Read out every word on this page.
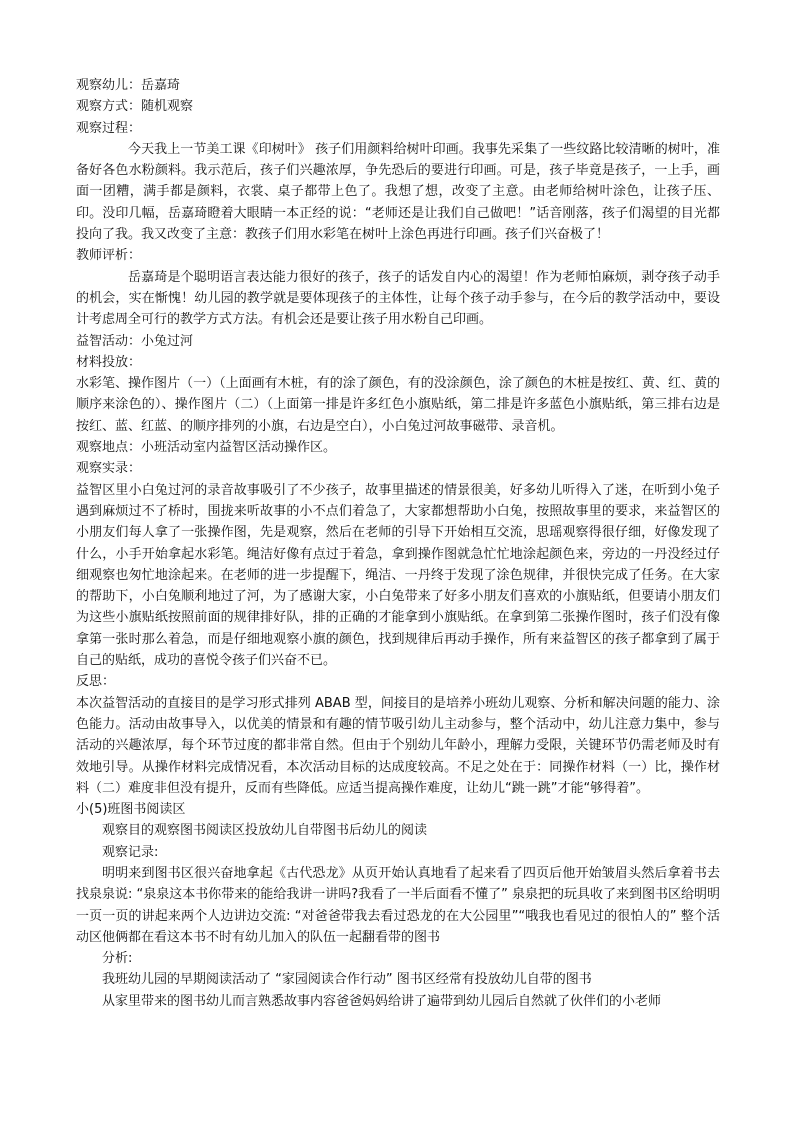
观察幼儿：岳嘉琦

观察方式：随机观察

观察过程：

今天我上一节美工课《印树叶》 孩子们用颜料给树叶印画。我事先采集了一些纹路比较清晰的树叶，准备好各色水粉颜料。我示范后，孩子们兴趣浓厚，争先恐后的要进行印画。可是，孩子毕竟是孩子，一上手，画面一团糟，满手都是颜料，衣裳、桌子都带上色了。我想了想，改变了主意。由老师给树叶涂色，让孩子压、印。没印几幅，岳嘉琦瞪着大眼睛一本正经的说：“老师还是让我们自己做吧！”话音刚落，孩子们渴望的目光都投向了我。我又改变了主意：教孩子们用水彩笔在树叶上涂色再进行印画。孩子们兴奋极了！

教师评析：

岳嘉琦是个聪明语言表达能力很好的孩子，孩子的话发自内心的渴望！作为老师怕麻烦，剥夺孩子动手的机会，实在惭愧！幼儿园的教学就是要体现孩子的主体性，让每个孩子动手参与，在今后的教学活动中，要设计考虑周全可行的教学方式方法。有机会还是要让孩子用水粉自己印画。

益智活动：小兔过河

材料投放：

水彩笔、操作图片（一）（上面画有木桩，有的涂了颜色，有的没涂颜色，涂了颜色的木桩是按红、黄、红、黄的顺序来涂色的）、操作图片（二）（上面第一排是许多红色小旗贴纸，第二排是许多蓝色小旗贴纸，第三排右边是按红、蓝、红蓝、的顺序排列的小旗，右边是空白），小白兔过河故事磁带、录音机。

观察地点：小班活动室内益智区活动操作区。

观察实录：

益智区里小白兔过河的录音故事吸引了不少孩子，故事里描述的情景很美，好多幼儿听得入了迷，在听到小兔子遇到麻烦过不了桥时，围拢来听故事的小不点们着急了，大家都想帮助小白兔，按照故事里的要求，来益智区的小朋友们每人拿了一张操作图，先是观察，然后在老师的引导下开始相互交流，思瑶观察得很仔细，好像发现了什么，小手开始拿起水彩笔。绳洁好像有点过于着急，拿到操作图就急忙忙地涂起颜色来，旁边的一丹没经过仔细观察也匆忙地涂起来。在老师的进一步提醒下，绳洁、一丹终于发现了涂色规律，并很快完成了任务。在大家的帮助下，小白兔顺利地过了河，为了感谢大家，小白兔带来了好多小朋友们喜欢的小旗贴纸，但要请小朋友们为这些小旗贴纸按照前面的规律排好队，排的正确的才能拿到小旗贴纸。在拿到第二张操作图时，孩子们没有像拿第一张时那么着急，而是仔细地观察小旗的颜色，找到规律后再动手操作，所有来益智区的孩子都拿到了属于自己的贴纸，成功的喜悦令孩子们兴奋不已。

反思：

本次益智活动的直接目的是学习形式排列 ABAB 型，间接目的是培养小班幼儿观察、分析和解决问题的能力、涂色能力。活动由故事导入，以优美的情景和有趣的情节吸引幼儿主动参与，整个活动中，幼儿注意力集中，参与活动的兴趣浓厚，每个环节过度的都非常自然。但由于个别幼儿年龄小，理解力受限，关键环节仍需老师及时有效地引导。从操作材料完成情况看，本次活动目标的达成度较高。不足之处在于：同操作材料（一）比，操作材料（二）难度非但没有提升，反而有些降低。应适当提高操作难度，让幼儿“跳一跳”才能“够得着”。

小(5)班图书阅读区

观察目的观察图书阅读区投放幼儿自带图书后幼儿的阅读

观察记录:

明明来到图书区很兴奋地拿起《古代恐龙》从页开始认真地看了起来看了四页后他开始皱眉头然后拿着书去找泉泉说: “泉泉这本书你带来的能给我讲一讲吗?我看了一半后面看不懂了” 泉泉把的玩具收了来到图书区给明明一页一页的讲起来两个人边讲边交流: “对爸爸带我去看过恐龙的在大公园里”“哦我也看见过的很怕人的” 整个活动区他俩都在看这本书不时有幼儿加入的队伍一起翻看带的图书

分析:

我班幼儿园的早期阅读活动了 “家园阅读合作行动” 图书区经常有投放幼儿自带的图书

从家里带来的图书幼儿而言熟悉故事内容爸爸妈妈给讲了遍带到幼儿园后自然就了伙伴们的小老师
